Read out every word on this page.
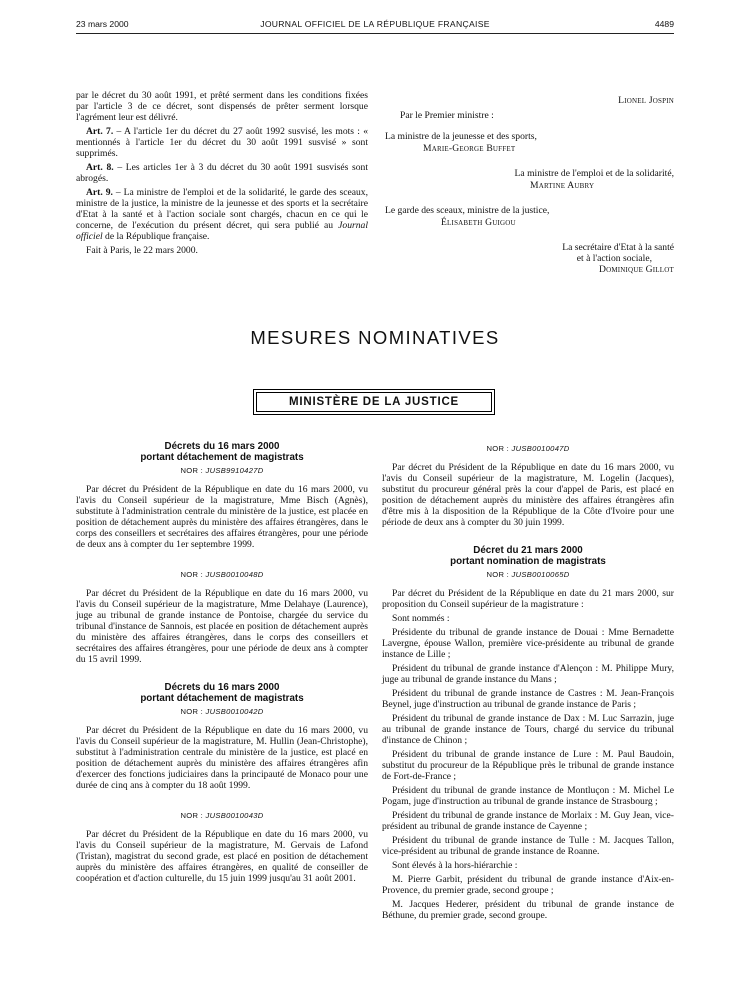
23 mars 2000	JOURNAL OFFICIEL DE LA RÉPUBLIQUE FRANÇAISE	4489

par le décret du 30 août 1991, et prêté serment dans les conditions fixées par l'article 3 de ce décret, sont dispensés de prêter serment lorsque l'agrément leur est délivré.

Art. 7. – A l'article 1er du décret du 27 août 1992 susvisé, les mots : « mentionnés à l'article 1er du décret du 30 août 1991 susvisé » sont supprimés.

Art. 8. – Les articles 1er à 3 du décret du 30 août 1991 susvisés sont abrogés.

Art. 9. – La ministre de l'emploi et de la solidarité, le garde des sceaux, ministre de la justice, la ministre de la jeunesse et des sports et la secrétaire d'Etat à la santé et à l'action sociale sont chargés, chacun en ce qui le concerne, de l'exécution du présent décret, qui sera publié au Journal officiel de la République française.

Fait à Paris, le 22 mars 2000.

Lionel Jospin
Par le Premier ministre :
La ministre de la jeunesse et des sports,
Marie-George Buffet
La ministre de l'emploi et de la solidarité,
Martine Aubry
Le garde des sceaux, ministre de la justice,
Élisabeth Guigou
La secrétaire d'Etat à la santé
et à l'action sociale,
Dominique Gillot
MESURES NOMINATIVES
MINISTÈRE DE LA JUSTICE
Décrets du 16 mars 2000
portant détachement de magistrats
NOR : JUSB9910427D

Par décret du Président de la République en date du 16 mars 2000, vu l'avis du Conseil supérieur de la magistrature, Mme Bisch (Agnès), substitute à l'administration centrale du ministère de la justice, est placée en position de détachement auprès du ministère des affaires étrangères, dans le corps des conseillers et secrétaires des affaires étrangères, pour une période de deux ans à compter du 1er septembre 1999.

NOR : JUSB0010048D

Par décret du Président de la République en date du 16 mars 2000, vu l'avis du Conseil supérieur de la magistrature, Mme Delahaye (Laurence), juge au tribunal de grande instance de Pontoise, chargée du service du tribunal d'instance de Sannois, est placée en position de détachement auprès du ministère des affaires étrangères, dans le corps des conseillers et secrétaires des affaires étrangères, pour une période de deux ans à compter du 15 avril 1999.

Décrets du 16 mars 2000
portant détachement de magistrats
NOR : JUSB0010042D

Par décret du Président de la République en date du 16 mars 2000, vu l'avis du Conseil supérieur de la magistrature, M. Hullin (Jean-Christophe), substitut à l'administration centrale du ministère de la justice, est placé en position de détachement auprès du ministère des affaires étrangères afin d'exercer des fonctions judiciaires dans la principauté de Monaco pour une durée de cinq ans à compter du 18 août 1999.

NOR : JUSB0010043D

Par décret du Président de la République en date du 16 mars 2000, vu l'avis du Conseil supérieur de la magistrature, M. Gervais de Lafond (Tristan), magistrat du second grade, est placé en position de détachement auprès du ministère des affaires étrangères, en qualité de conseiller de coopération et d'action culturelle, du 15 juin 1999 jusqu'au 31 août 2001.

NOR : JUSB0010047D

Par décret du Président de la République en date du 16 mars 2000, vu l'avis du Conseil supérieur de la magistrature, M. Logelin (Jacques), substitut du procureur général près la cour d'appel de Paris, est placé en position de détachement auprès du ministère des affaires étrangères afin d'être mis à la disposition de la République de la Côte d'Ivoire pour une période de deux ans à compter du 30 juin 1999.

Décret du 21 mars 2000
portant nomination de magistrats
NOR : JUSB0010065D

Par décret du Président de la République en date du 21 mars 2000, sur proposition du Conseil supérieur de la magistrature :

Sont nommés :

Présidente du tribunal de grande instance de Douai : Mme Bernadette Lavergne, épouse Wallon, première vice-présidente au tribunal de grande instance de Lille ;

Président du tribunal de grande instance d'Alençon : M. Philippe Mury, juge au tribunal de grande instance du Mans ;

Président du tribunal de grande instance de Castres : M. Jean-François Beynel, juge d'instruction au tribunal de grande instance de Paris ;

Président du tribunal de grande instance de Dax : M. Luc Sarrazin, juge au tribunal de grande instance de Tours, chargé du service du tribunal d'instance de Chinon ;

Président du tribunal de grande instance de Lure : M. Paul Baudoin, substitut du procureur de la République près le tribunal de grande instance de Fort-de-France ;

Président du tribunal de grande instance de Montluçon : M. Michel Le Pogam, juge d'instruction au tribunal de grande instance de Strasbourg ;

Président du tribunal de grande instance de Morlaix : M. Guy Jean, vice-président au tribunal de grande instance de Cayenne ;

Président du tribunal de grande instance de Tulle : M. Jacques Tallon, vice-président au tribunal de grande instance de Roanne.

Sont élevés à la hors-hiérarchie :

M. Pierre Garbit, président du tribunal de grande instance d'Aix-en-Provence, du premier grade, second groupe ;

M. Jacques Hederer, président du tribunal de grande instance de Béthune, du premier grade, second groupe.
